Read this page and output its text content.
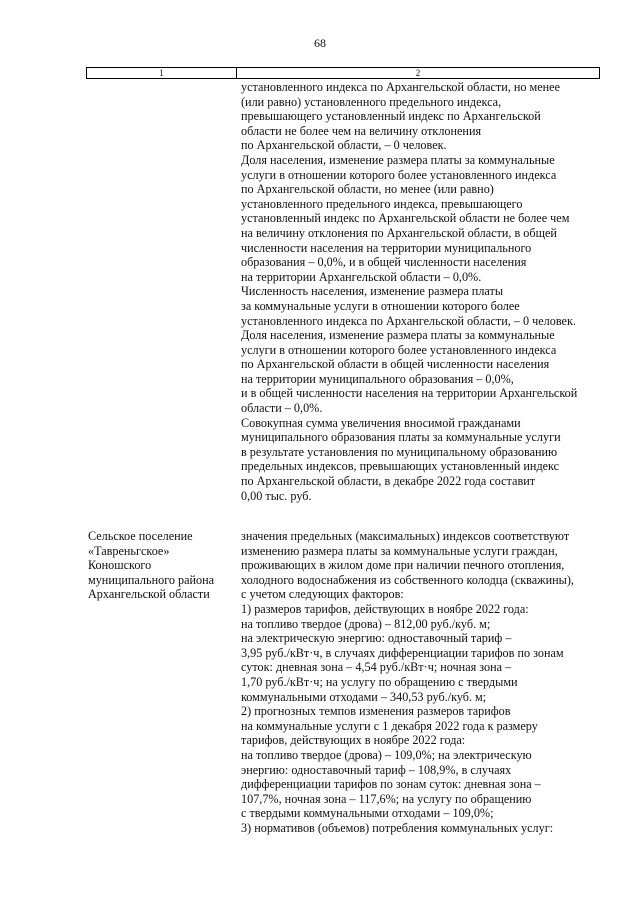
68
1	2
установленного индекса по Архангельской области, но менее
(или равно) установленного предельного индекса,
превышающего установленный индекс по Архангельской
области не более чем на величину отклонения
по Архангельской области, – 0 человек.
Доля населения, изменение размера платы за коммунальные
услуги в отношении которого более установленного индекса
по Архангельской области, но менее (или равно)
установленного предельного индекса, превышающего
установленный индекс по Архангельской области не более чем
на величину отклонения по Архангельской области, в общей
численности населения на территории муниципального
образования – 0,0%, и в общей численности населения
на территории Архангельской области – 0,0%.
Численность населения, изменение размера платы
за коммунальные услуги в отношении которого более
установленного индекса по Архангельской области, – 0 человек.
Доля населения, изменение размера платы за коммунальные
услуги в отношении которого более установленного индекса
по Архангельской области в общей численности населения
на территории муниципального образования – 0,0%,
и в общей численности населения на территории Архангельской
области – 0,0%.
Совокупная сумма увеличения вносимой гражданами
муниципального образования платы за коммунальные услуги
в результате установления по муниципальному образованию
предельных индексов, превышающих установленный индекс
по Архангельской области, в декабре 2022 года составит
0,00 тыс. руб.
Сельское поселение
«Тавреньгское»
Коношского
муниципального района
Архангельской области
значения предельных (максимальных) индексов соответствуют
изменению размера платы за коммунальные услуги граждан,
проживающих в жилом доме при наличии печного отопления,
холодного водоснабжения из собственного колодца (скважины),
с учетом следующих факторов:
1) размеров тарифов, действующих в ноябре 2022 года:
на топливо твердое (дрова) – 812,00 руб./куб. м;
на электрическую энергию: одноставочный тариф –
3,95 руб./кВт·ч, в случаях дифференциации тарифов по зонам
суток: дневная зона – 4,54 руб./кВт·ч; ночная зона –
1,70 руб./кВт·ч; на услугу по обращению с твердыми
коммунальными отходами – 340,53 руб./куб. м;
2) прогнозных темпов изменения размеров тарифов
на коммунальные услуги с 1 декабря 2022 года к размеру
тарифов, действующих в ноябре 2022 года:
на топливо твердое (дрова) – 109,0%; на электрическую
энергию: одноставочный тариф – 108,9%, в случаях
дифференциации тарифов по зонам суток: дневная зона –
107,7%, ночная зона – 117,6%; на услугу по обращению
с твердыми коммунальными отходами – 109,0%;
3) нормативов (объемов) потребления коммунальных услуг:
